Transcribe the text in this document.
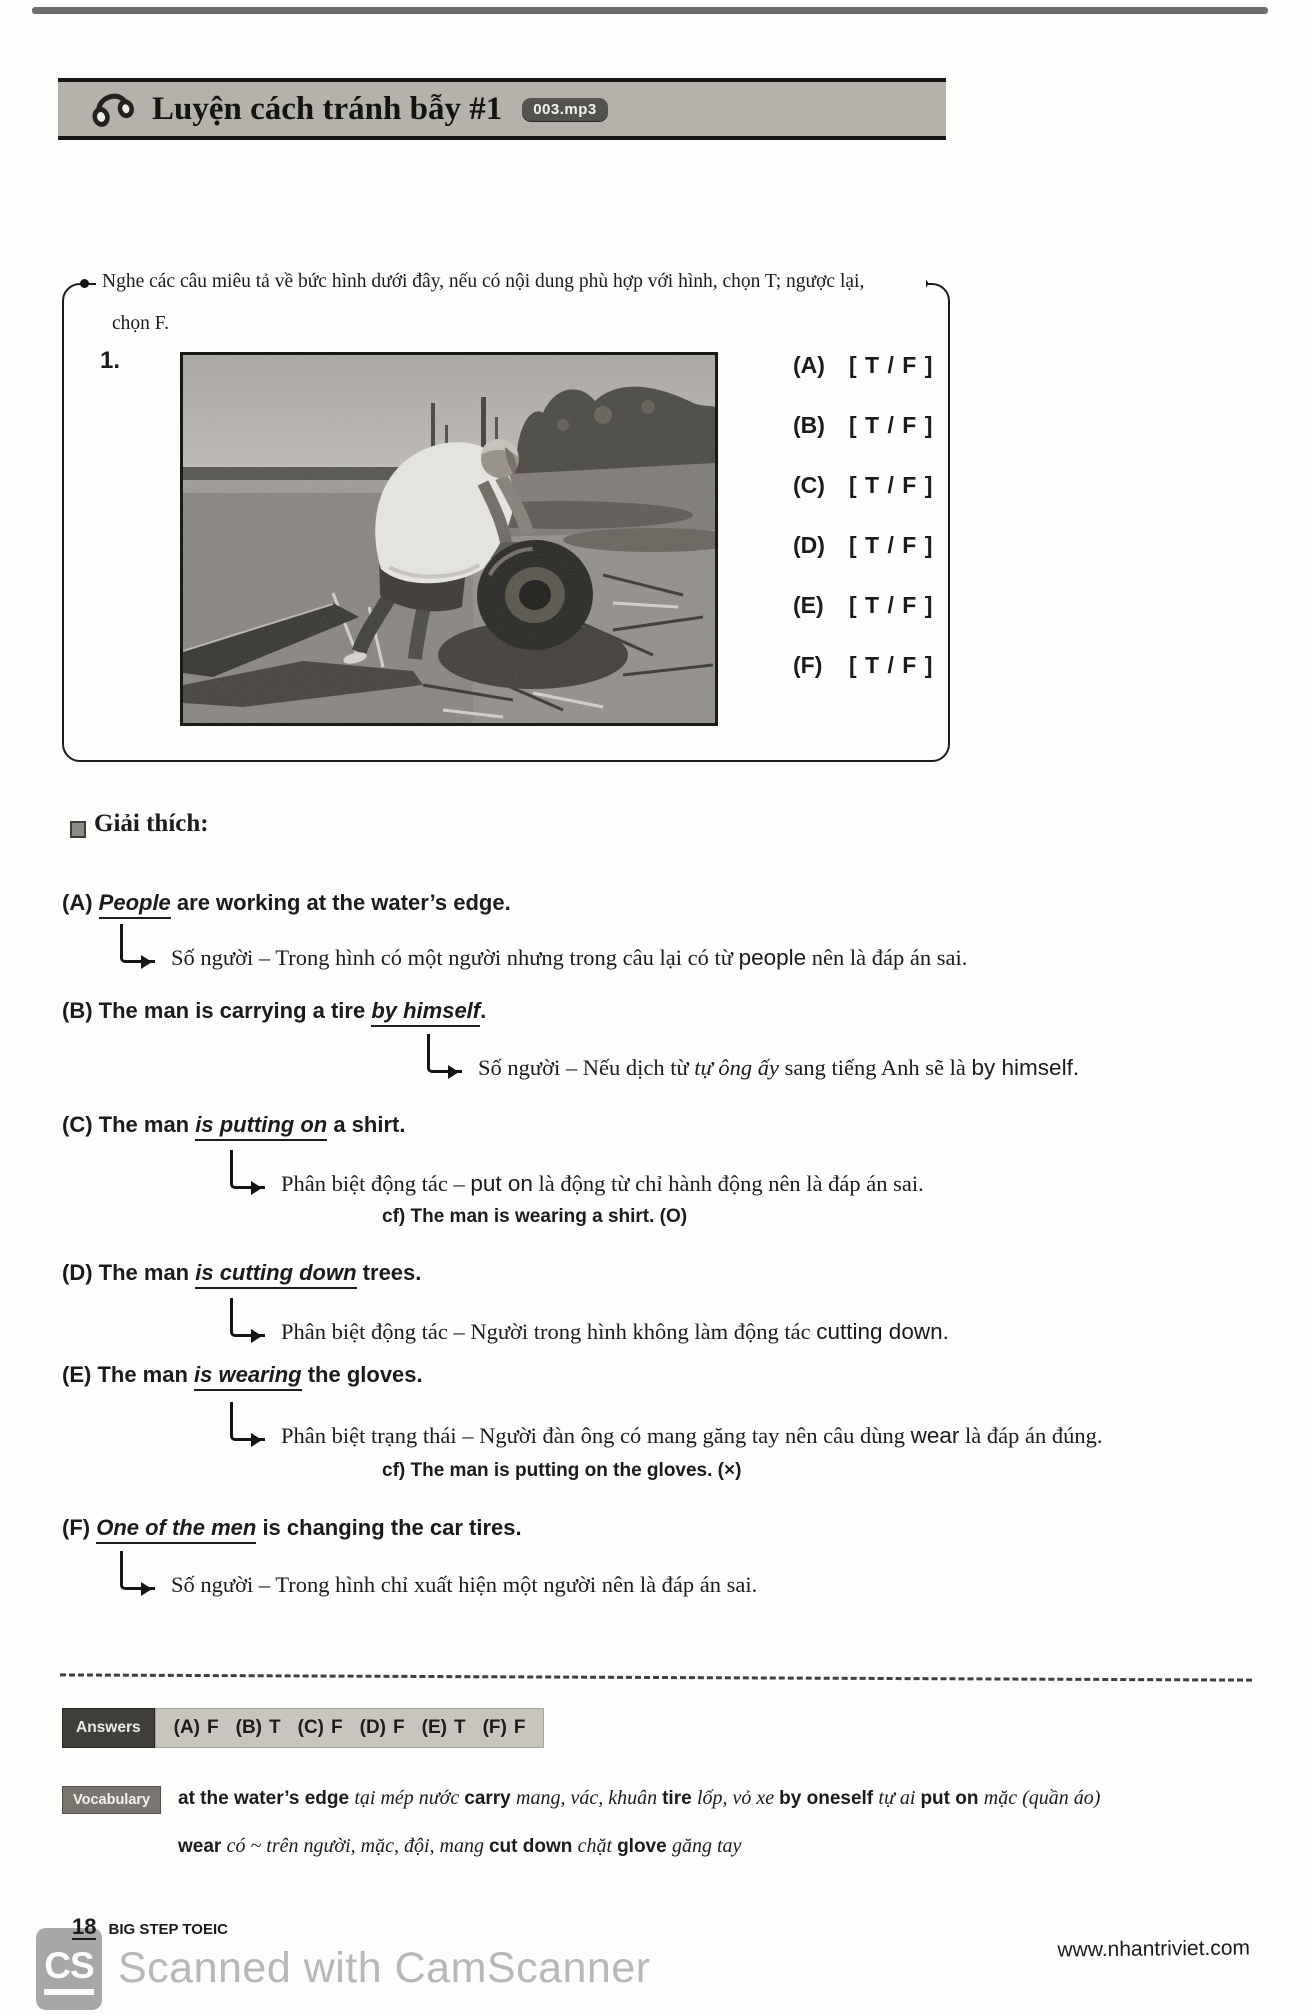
Luyện cách tránh bẫy #1	003.mp3
Nghe các câu miêu tả về bức hình dưới đây, nếu có nội dung phù hợp với hình, chọn T; ngược lại,
chọn F.
1.	(A)	[ T / F ]
(B)	[ T / F ]
(C)	[ T / F ]
(D)	[ T / F ]
(E)	[ T / F ]
(F)	[ T / F ]
Giải thích:
(A) People are working at the water’s edge.
Số người – Trong hình có một người nhưng trong câu lại có từ people nên là đáp án sai.
(B) The man is carrying a tire by himself.
Số người – Nếu dịch từ tự ông ấy sang tiếng Anh sẽ là by himself.
(C) The man is putting on a shirt.
Phân biệt động tác – put on là động từ chỉ hành động nên là đáp án sai.
cf) The man is wearing a shirt. (O)
(D) The man is cutting down trees.
Phân biệt động tác – Người trong hình không làm động tác cutting down.
(E) The man is wearing the gloves.
Phân biệt trạng thái – Người đàn ông có mang găng tay nên câu dùng wear là đáp án đúng.
cf) The man is putting on the gloves. (×)
(F) One of the men is changing the car tires.
Số người – Trong hình chỉ xuất hiện một người nên là đáp án sai.
Answers	(A) F (B) T (C) F (D) F (E) T (F) F
Vocabulary	at the water’s edge tại mép nước carry mang, vác, khuân tire lốp, vỏ xe by oneself tự ai put on mặc (quần áo)
wear có ~ trên người, mặc, đội, mang cut down chặt glove găng tay
18 BIG STEP TOEIC
www.nhantriviet.com
CS Scanned with CamScanner
